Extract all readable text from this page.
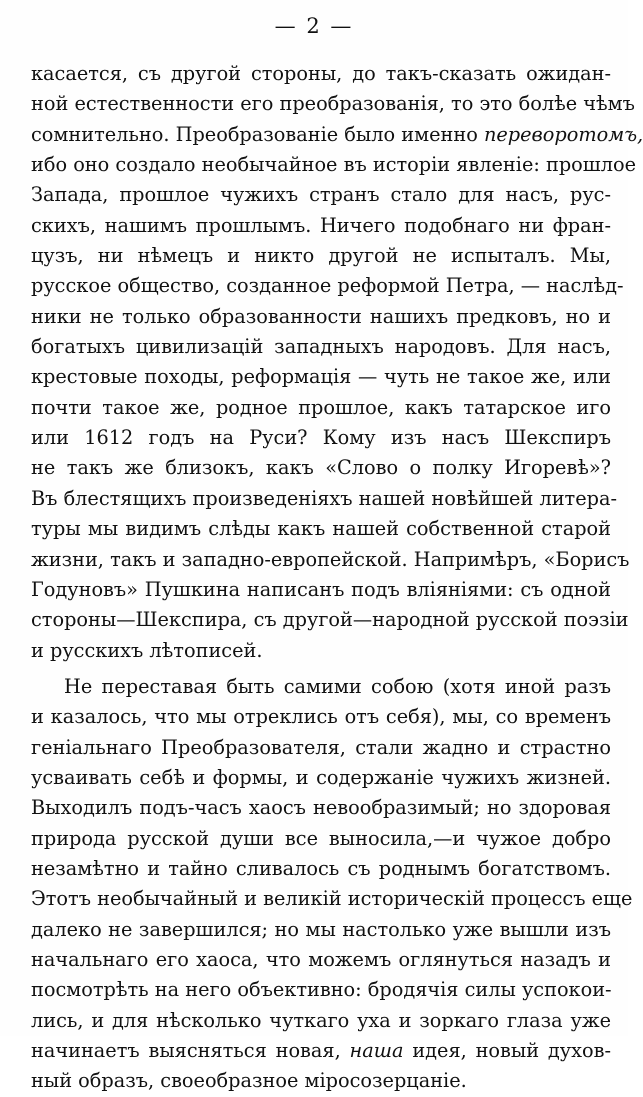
— 2 —
касается, съ другой стороны, до такъ-сказать ожидан-
ной естественности его преобразованія, то это болѣе чѣмъ
сомнительно. Преобразованіе было именно переворотомъ,
ибо оно создало необычайное въ исторіи явленіе: прошлое
Запада, прошлое чужихъ странъ стало для насъ, рус-
скихъ, нашимъ прошлымъ. Ничего подобнаго ни фран-
цузъ, ни нѣмецъ и никто другой не испыталъ. Мы,
русское общество, созданное реформой Петра, — наслѣд-
ники не только образованности нашихъ предковъ, но и
богатыхъ цивилизацій западныхъ народовъ. Для насъ,
крестовые походы, реформація — чуть не такое же, или
почти такое же, родное прошлое, какъ татарское иго
или 1612 годъ на Руси? Кому изъ насъ Шекспиръ
не такъ же близокъ, какъ «Слово о полку Игоревѣ»?
Въ блестящихъ произведеніяхъ нашей новѣйшей литера-
туры мы видимъ слѣды какъ нашей собственной старой
жизни, такъ и западно-европейской. Напримѣръ, «Борисъ
Годуновъ» Пушкина написанъ подъ вліяніями: съ одной
стороны—Шекспира, съ другой—народной русской поэзіи
и русскихъ лѣтописей.
Не переставая быть самими собою (хотя иной разъ
и казалось, что мы отреклись отъ себя), мы, со временъ
геніальнаго Преобразователя, стали жадно и страстно
усваивать себѣ и формы, и содержаніе чужихъ жизней.
Выходилъ подъ-часъ хаосъ невообразимый; но здоровая
природа русской души все выносила,—и чужое добро
незамѣтно и тайно сливалось съ роднымъ богатствомъ.
Этотъ необычайный и великій историческій процессъ еще
далеко не завершился; но мы настолько уже вышли изъ
начальнаго его хаоса, что можемъ оглянуться назадъ и
посмотрѣть на него объективно: бродячія силы успокои-
лись, и для нѣсколько чуткаго уха и зоркаго глаза уже
начинаетъ выясняться новая, наша идея, новый духов-
ный образъ, своеобразное міросозерцаніе.
